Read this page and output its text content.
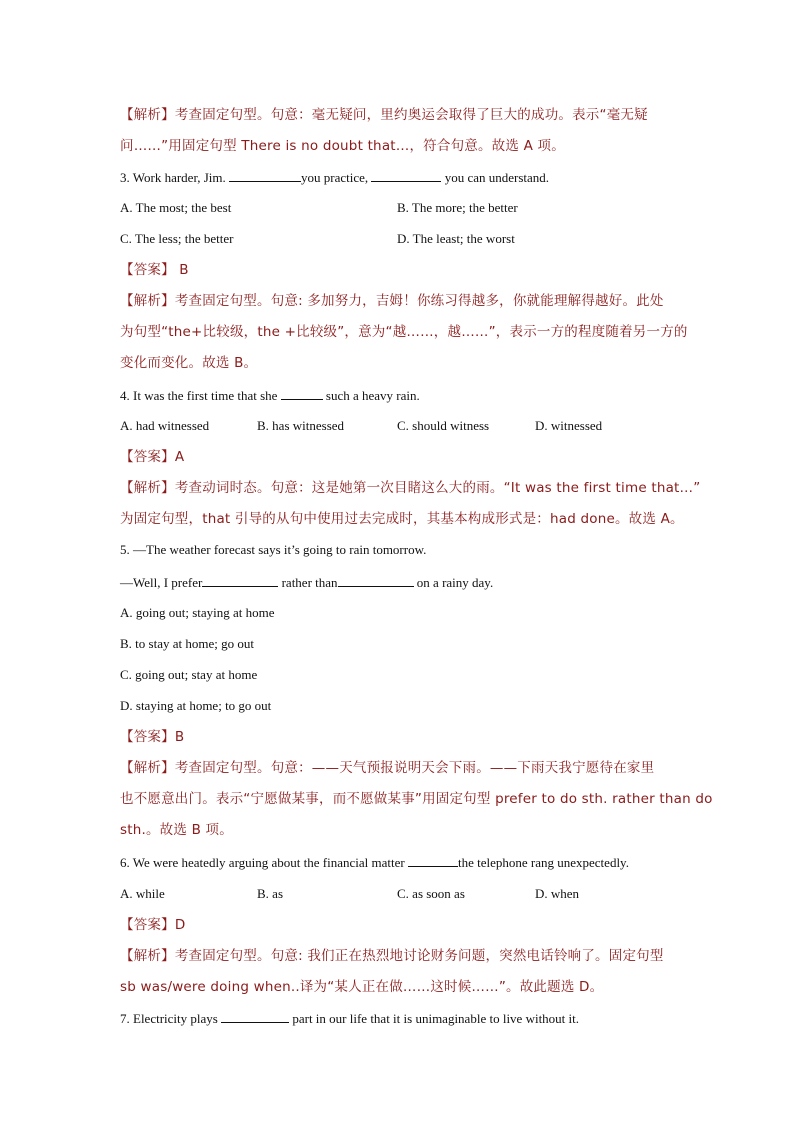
【解析】考查固定句型。句意：毫无疑问，里约奥运会取得了巨大的成功。表示“毫无疑
问……”用固定句型 There is no doubt that…，符合句意。故选 A 项。
3. Work harder, Jim.	you practice,	you can understand.
A. The most; the best	B. The more; the better
C. The less; the better	D. The least; the worst
【答案】 B
【解析】考查固定句型。句意: 多加努力，吉姆！你练习得越多，你就能理解得越好。此处
为句型“the+比较级，the +比较级”，意为“越……，越……”，表示一方的程度随着另一方的
变化而变化。故选 B。
4. It was the first time that she	such a heavy rain.
A. had witnessed	B. has witnessed	C. should witness	D. witnessed
【答案】A
【解析】考查动词时态。句意：这是她第一次目睹这么大的雨。“It was the first time that…”
为固定句型，that 引导的从句中使用过去完成时，其基本构成形式是：had done。故选 A。
5. —The weather forecast says it’s going to rain tomorrow.
—Well, I prefer	rather than	on a rainy day.
A. going out; staying at home
B. to stay at home; go out
C. going out; stay at home
D. staying at home; to go out
【答案】B
【解析】考查固定句型。句意：——天气预报说明天会下雨。——下雨天我宁愿待在家里
也不愿意出门。表示“宁愿做某事，而不愿做某事”用固定句型 prefer to do sth. rather than do
sth.。故选 B 项。
6. We were heatedly arguing about the financial matter	the telephone rang unexpectedly.
A. while	B. as	C. as soon as	D. when
【答案】D
【解析】考查固定句型。句意: 我们正在热烈地讨论财务问题，突然电话铃响了。固定句型
sb was/were doing when..译为“某人正在做……这时候……”。故此题选 D。
7. Electricity plays	part in our life that it is unimaginable to live without it.
